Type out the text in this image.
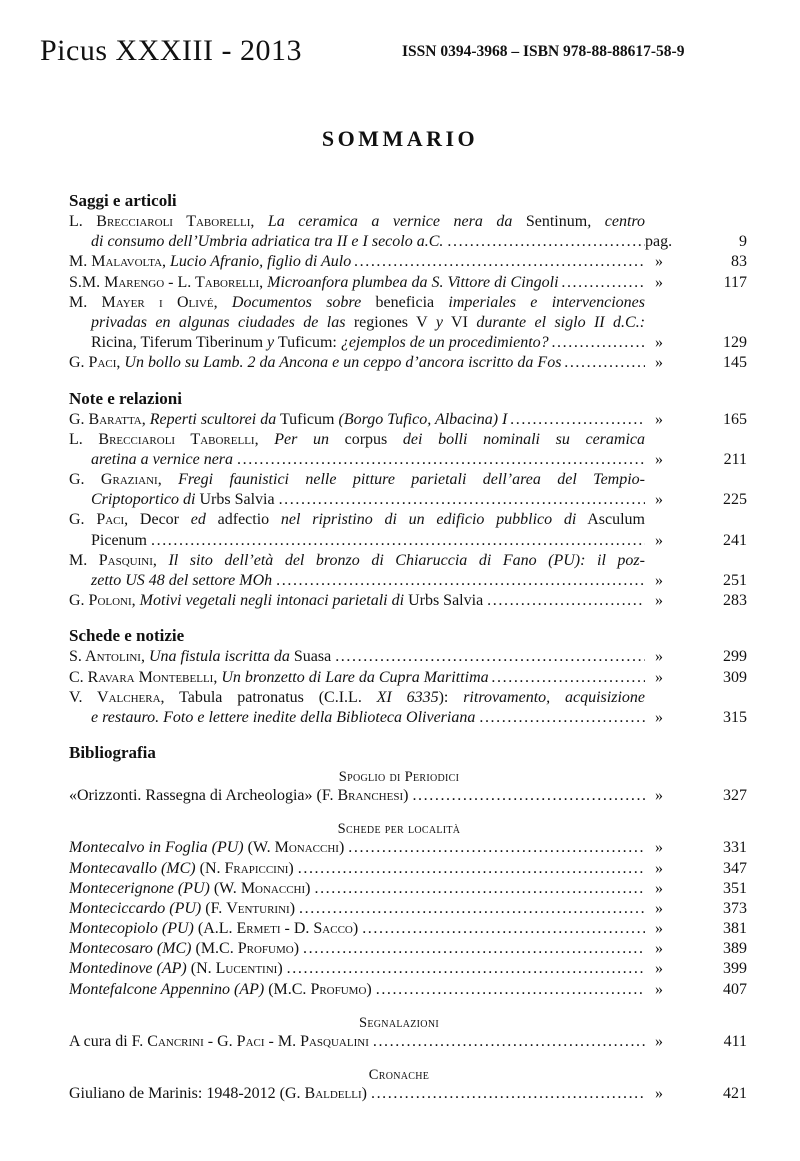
Picus XXXIII - 2013	ISSN 0394-3968 – ISBN 978-88-88617-58-9
SOMMARIO
Saggi e articoli
L. Brecciaroli Taborelli, La ceramica a vernice nera da Sentinum, centro
di consumo dell’Umbria adriatica tra II e I secolo a.C. . . .	pag.	9
M. Malavolta, Lucio Afranio, figlio di Aulo . . .	»	83
S.M. Marengo - L. Taborelli, Microanfora plumbea da S. Vittore di Cingoli . . .	»	117
M. Mayer i Olivé, Documentos sobre beneficia imperiales e intervenciones
privadas en algunas ciudades de las regiones V y VI durante el siglo II d.C.:
Ricina, Tiferum Tiberinum y Tuficum: ¿ejemplos de un procedimiento? . . .	»	129
G. Paci, Un bollo su Lamb. 2 da Ancona e un ceppo d’ancora iscritto da Fos . . .	»	145
Note e relazioni
G. Baratta, Reperti scultorei da Tuficum (Borgo Tufico, Albacina) I . . .	»	165
L. Brecciaroli Taborelli, Per un corpus dei bolli nominali su ceramica
aretina a vernice nera . . .	»	211
G. Graziani, Fregi faunistici nelle pitture parietali dell’area del Tempio-
Criptoportico di Urbs Salvia . . .	»	225
G. Paci, Decor ed adfectio nel ripristino di un edificio pubblico di Asculum
Picenum . . .	»	241
M. Pasquini, Il sito dell’età del bronzo di Chiaruccia di Fano (PU): il poz-
zetto US 48 del settore MOh . . .	»	251
G. Poloni, Motivi vegetali negli intonaci parietali di Urbs Salvia . . .	»	283
Schede e notizie
S. Antolini, Una fistula iscritta da Suasa . . .	»	299
C. Ravara Montebelli, Un bronzetto di Lare da Cupra Marittima . . .	»	309
V. Valchera, Tabula patronatus (C.I.L. XI 6335): ritrovamento, acquisizione
e restauro. Foto e lettere inedite della Biblioteca Oliveriana . . .	»	315
Bibliografia
Spoglio di Periodici
«Orizzonti. Rassegna di Archeologia» (F. Branchesi) . . .	»	327
Schede per località
Montecalvo in Foglia (PU) (W. Monacchi) . . .	»	331
Montecavallo (MC) (N. Frapiccini) . . .	»	347
Montecerignone (PU) (W. Monacchi) . . .	»	351
Monteciccardo (PU) (F. Venturini) . . .	»	373
Montecopiolo (PU) (A.L. Ermeti - D. Sacco) . . .	»	381
Montecosaro (MC) (M.C. Profumo) . . .	»	389
Montedinove (AP) (N. Lucentini) . . .	»	399
Montefalcone Appennino (AP) (M.C. Profumo) . . .	»	407
Segnalazioni
A cura di F. Cancrini - G. Paci - M. Pasqualini . . .	»	411
Cronache
Giuliano de Marinis: 1948-2012 (G. Baldelli) . . .	»	421
